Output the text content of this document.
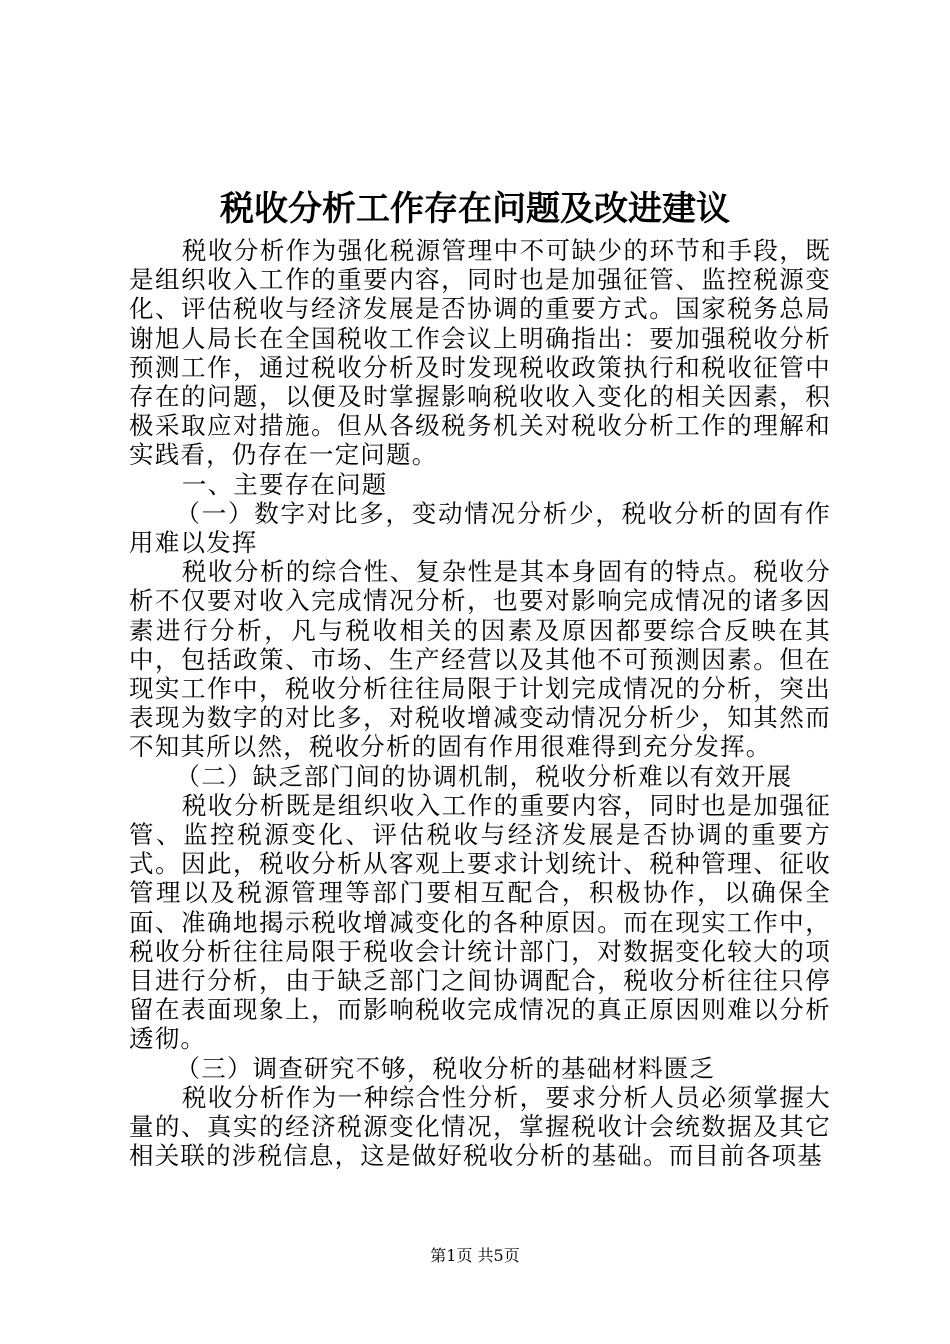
税收分析工作存在问题及改进建议

税收分析作为强化税源管理中不可缺少的环节和手段，既是组织收入工作的重要内容，同时也是加强征管、监控税源变化、评估税收与经济发展是否协调的重要方式。国家税务总局谢旭人局长在全国税收工作会议上明确指出：要加强税收分析预测工作，通过税收分析及时发现税收政策执行和税收征管中存在的问题，以便及时掌握影响税收收入变化的相关因素，积极采取应对措施。但从各级税务机关对税收分析工作的理解和实践看，仍存在一定问题。

一、主要存在问题

（一）数字对比多，变动情况分析少，税收分析的固有作用难以发挥

税收分析的综合性、复杂性是其本身固有的特点。税收分析不仅要对收入完成情况分析，也要对影响完成情况的诸多因素进行分析，凡与税收相关的因素及原因都要综合反映在其中，包括政策、市场、生产经营以及其他不可预测因素。但在现实工作中，税收分析往往局限于计划完成情况的分析，突出表现为数字的对比多，对税收增减变动情况分析少，知其然而不知其所以然，税收分析的固有作用很难得到充分发挥。

（二）缺乏部门间的协调机制，税收分析难以有效开展

税收分析既是组织收入工作的重要内容，同时也是加强征管、监控税源变化、评估税收与经济发展是否协调的重要方式。因此，税收分析从客观上要求计划统计、税种管理、征收管理以及税源管理等部门要相互配合，积极协作，以确保全面、准确地揭示税收增减变化的各种原因。而在现实工作中，税收分析往往局限于税收会计统计部门，对数据变化较大的项目进行分析，由于缺乏部门之间协调配合，税收分析往往只停留在表面现象上，而影响税收完成情况的真正原因则难以分析透彻。

（三）调查研究不够，税收分析的基础材料匮乏

税收分析作为一种综合性分析，要求分析人员必须掌握大量的、真实的经济税源变化情况，掌握税收计会统数据及其它相关联的涉税信息，这是做好税收分析的基础。而目前各项基

第1页 共5页
